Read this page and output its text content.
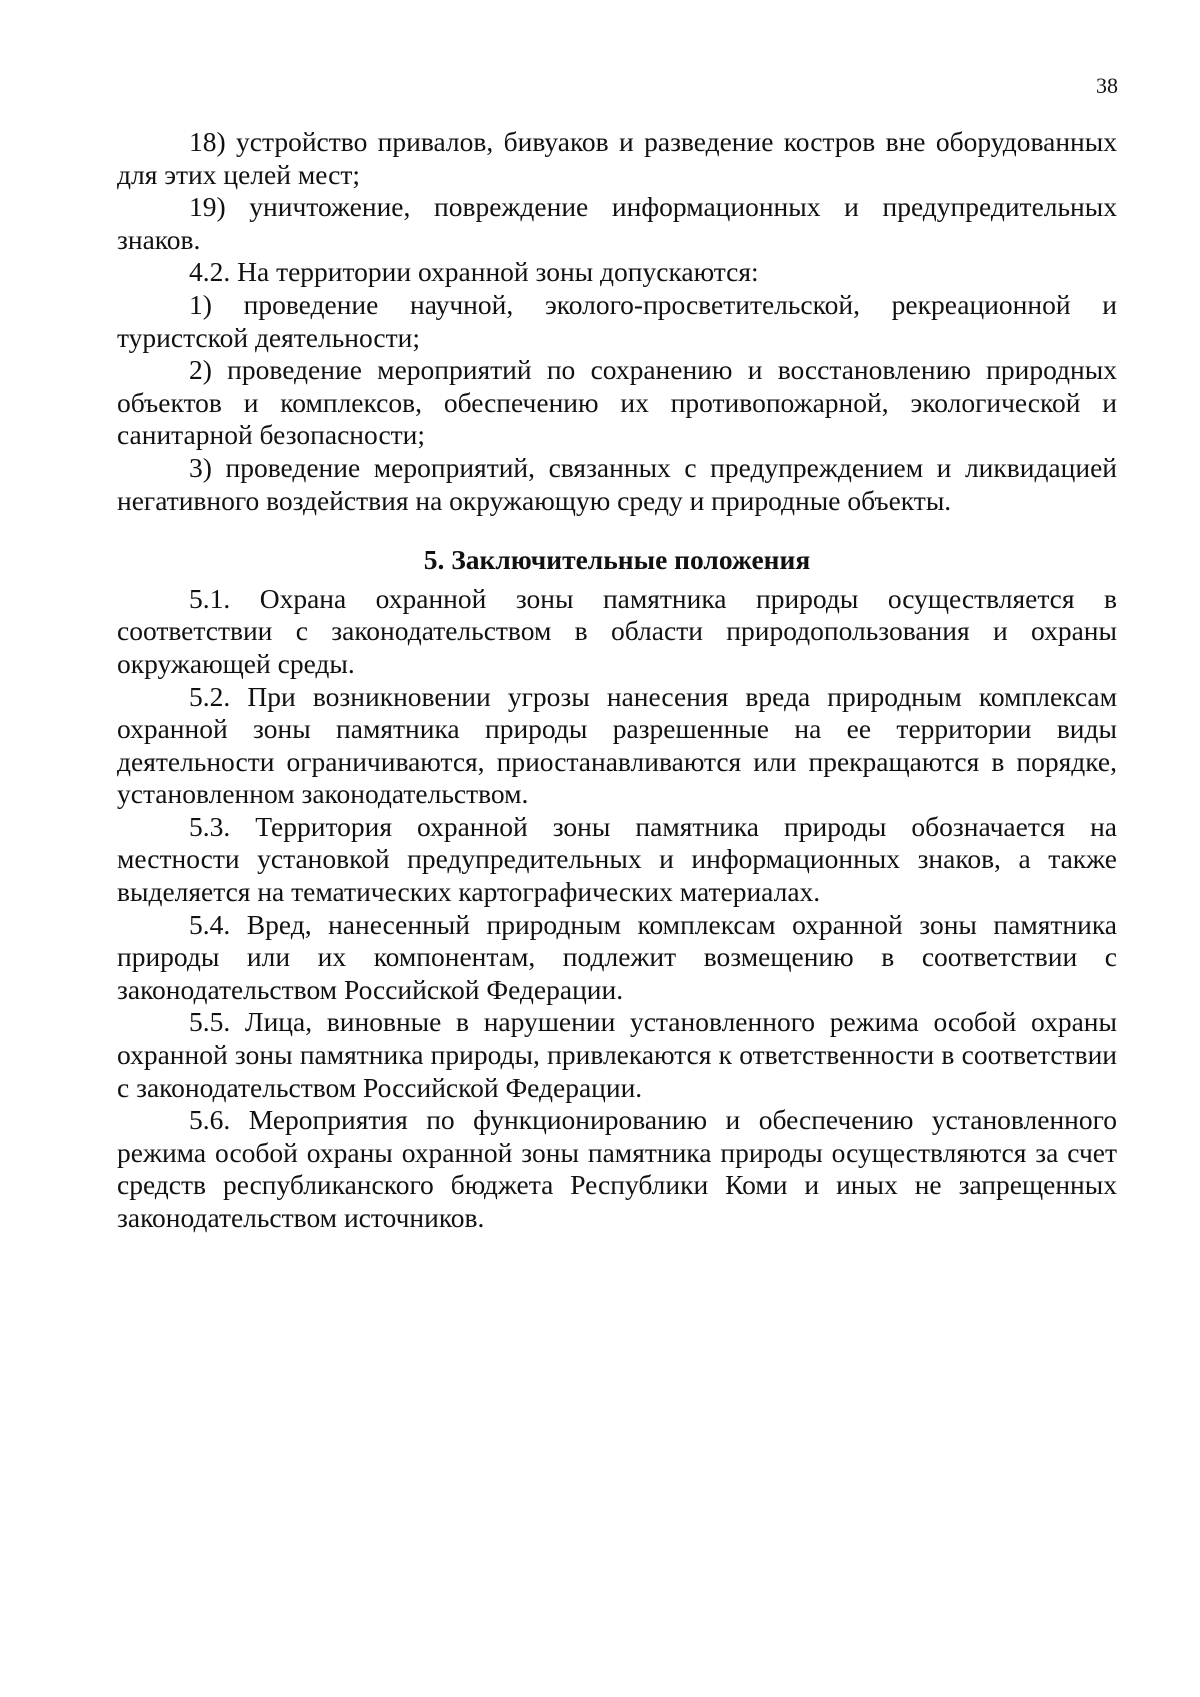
38

18) устройство привалов, бивуаков и разведение костров вне оборудованных для этих целей мест;

19) уничтожение, повреждение информационных и предупредительных знаков.

4.2. На территории охранной зоны допускаются:

1) проведение научной, эколого-просветительской, рекреационной и туристской деятельности;

2) проведение мероприятий по сохранению и восстановлению природных объектов и комплексов, обеспечению их противопожарной, экологической и санитарной безопасности;

3) проведение мероприятий, связанных с предупреждением и ликвидацией негативного воздействия на окружающую среду и природные объекты.

5. Заключительные положения

5.1. Охрана охранной зоны памятника природы осуществляется в соответствии с законодательством в области природопользования и охраны окружающей среды.

5.2. При возникновении угрозы нанесения вреда природным комплексам охранной зоны памятника природы разрешенные на ее территории виды деятельности ограничиваются, приостанавливаются или прекращаются в порядке, установленном законодательством.

5.3. Территория охранной зоны памятника природы обозначается на местности установкой предупредительных и информационных знаков, а также выделяется на тематических картографических материалах.

5.4. Вред, нанесенный природным комплексам охранной зоны памятника природы или их компонентам, подлежит возмещению в соответствии с законодательством Российской Федерации.

5.5. Лица, виновные в нарушении установленного режима особой охраны охранной зоны памятника природы, привлекаются к ответственности в соответствии с законодательством Российской Федерации.

5.6. Мероприятия по функционированию и обеспечению установленного режима особой охраны охранной зоны памятника природы осуществляются за счет средств республиканского бюджета Республики Коми и иных не запрещенных законодательством источников.
